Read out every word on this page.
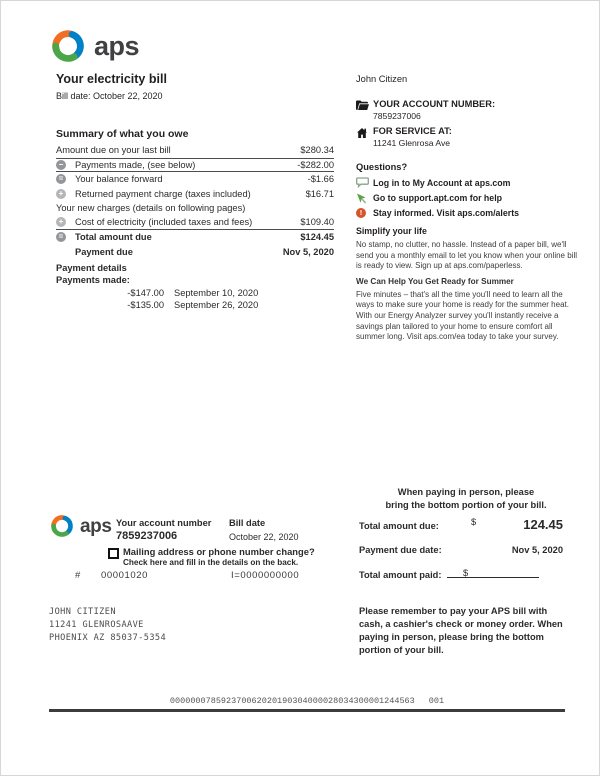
aps
Your electricity bill
Bill date: October 22, 2020
Summary of what you owe
Amount due on your last bill	$280.34
− Payments made, (see below)	-$282.00
= Your balance forward	-$1.66
+ Returned payment charge (taxes included)	$16.71
Your new charges (details on following pages)
+ Cost of electricity (included taxes and fees)	$109.40
= Total amount due	$124.45
Payment due	Nov 5, 2020
Payment details
Payments made:
-$147.00 September 10, 2020
-$135.00 September 26, 2020
John Citizen
YOUR ACCOUNT NUMBER:
7859237006
FOR SERVICE AT:
11241 Glenrosa Ave
Questions?
Log in to My Account at aps.com
Go to support.apt.com for help
!	Stay informed. Visit aps.com/alerts
Simplify your life
No stamp, no clutter, no hassle. Instead of a paper bill, we'll send you a monthly email to let you know when your online bill is ready to view. Sign up at aps.com/paperless.
We Can Help You Get Ready for Summer
Five minutes – that's all the time you'll need to learn all the ways to make sure your home is ready for the summer heat. With our Energy Analyzer survey you'll instantly receive a savings plan tailored to your home to ensure comfort all summer long. Visit aps.com/ea today to take your survey.
When paying in person, please
bring the bottom portion of your bill.
aps Your account number
7859237006
Bill date
October 22, 2020
Mailing address or phone number change?
Check here and fill in the details on the back.
# 00001020	I=0000000000
JOHN CITIZEN
11241 GLENROSAAVE
PHOENIX AZ 85037-5354
Total amount due:	$	124.45
Payment due date:	Nov 5, 2020
Total amount paid: $
Please remember to pay your APS bill with cash, a cashier's check or money order. When paying in person, please bring the bottom portion of your bill.
000000078592370062020190304000028034300001244563 001
